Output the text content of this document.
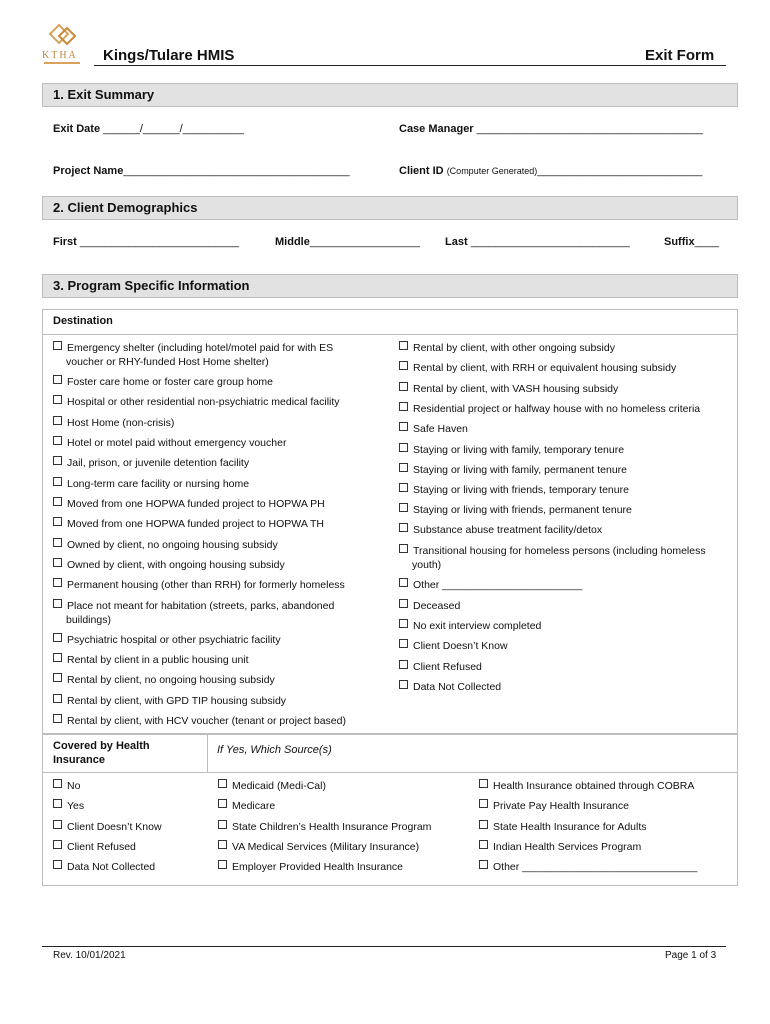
KTHA Kings/Tulare HMIS	Exit Form
1. Exit Summary
Exit Date ______/______/__________	Case Manager _____________________________________
Project Name_____________________________________	Client ID (Computer Generated)___________________________
2. Client Demographics
First __________________________	Middle__________________ Last __________________________	Suffix____
3. Program Specific Information
Destination
Emergency shelter (including hotel/motel paid for with ES
voucher or RHY-funded Host Home shelter)
Foster care home or foster care group home
Hospital or other residential non-psychiatric medical facility
Host Home (non-crisis)
Hotel or motel paid without emergency voucher
Jail, prison, or juvenile detention facility
Long-term care facility or nursing home
Moved from one HOPWA funded project to HOPWA PH
Moved from one HOPWA funded project to HOPWA TH
Owned by client, no ongoing housing subsidy
Owned by client, with ongoing housing subsidy
Permanent housing (other than RRH) for formerly homeless
Place not meant for habitation (streets, parks, abandoned
buildings)
Psychiatric hospital or other psychiatric facility
Rental by client in a public housing unit
Rental by client, no ongoing housing subsidy
Rental by client, with GPD TIP housing subsidy
Rental by client, with HCV voucher (tenant or project based)
Rental by client, with other ongoing subsidy
Rental by client, with RRH or equivalent housing subsidy
Rental by client, with VASH housing subsidy
Residential project or halfway house with no homeless criteria
Safe Haven
Staying or living with family, temporary tenure
Staying or living with family, permanent tenure
Staying or living with friends, temporary tenure
Staying or living with friends, permanent tenure
Substance abuse treatment facility/detox
Transitional housing for homeless persons (including homeless
youth)
Other ________________________
Deceased
No exit interview completed
Client Doesn’t Know
Client Refused
Data Not Collected
Covered by Health
Insurance
If Yes, Which Source(s)
No
Yes
Client Doesn’t Know
Client Refused
Data Not Collected
Medicaid (Medi-Cal)
Medicare
State Children’s Health Insurance Program
VA Medical Services (Military Insurance)
Employer Provided Health Insurance
Health Insurance obtained through COBRA
Private Pay Health Insurance
State Health Insurance for Adults
Indian Health Services Program
Other ______________________________
Rev. 10/01/2021	Page 1 of 3
